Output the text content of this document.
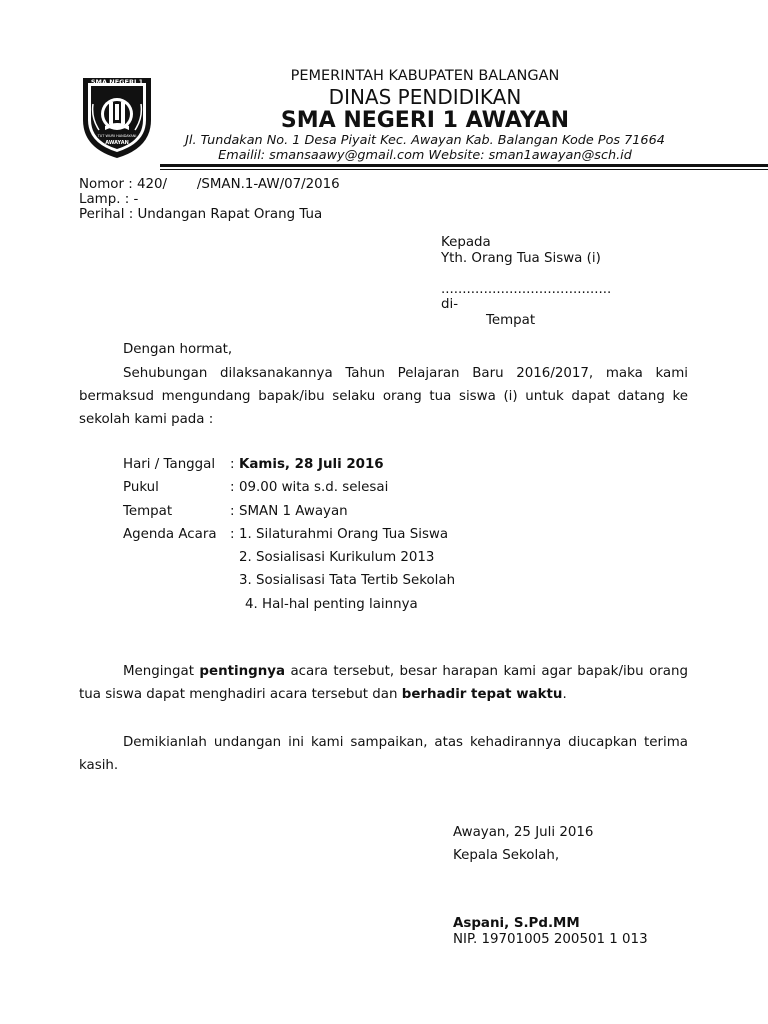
SMA NEGERI 1
TUT WURI HANDAYANI
AWAYAN
PEMERINTAH KABUPATEN BALANGAN
DINAS PENDIDIKAN
SMA NEGERI 1 AWAYAN
Jl. Tundakan No. 1 Desa Piyait Kec. Awayan Kab. Balangan Kode Pos 71664
Emailil: smansaawy@gmail.com Website: sman1awayan@sch.id
Nomor : 420/       /SMAN.1-AW/07/2016
Lamp. : -
Perihal : Undangan Rapat Orang Tua
Kepada
Yth. Orang Tua Siswa (i)
........................................
di-
Tempat
Dengan hormat,
Sehubungan dilaksanakannya Tahun Pelajaran Baru 2016/2017, maka kami bermaksud mengundang bapak/ibu selaku orang tua siswa (i) untuk dapat datang ke sekolah kami pada :
Hari / Tanggal	: Kamis, 28 Juli 2016
Pukul	: 09.00 wita s.d. selesai
Tempat	: SMAN 1 Awayan
Agenda Acara	: 1. Silaturahmi Orang Tua Siswa
2. Sosialisasi Kurikulum 2013
3. Sosialisasi Tata Tertib Sekolah
4. Hal-hal penting lainnya
Mengingat pentingnya acara tersebut, besar harapan kami agar bapak/ibu orang tua siswa dapat menghadiri acara tersebut dan berhadir tepat waktu.
Demikianlah undangan ini kami sampaikan, atas kehadirannya diucapkan terima kasih.
Awayan, 25 Juli 2016
Kepala Sekolah,
Aspani, S.Pd.MM
NIP. 19701005 200501 1 013
